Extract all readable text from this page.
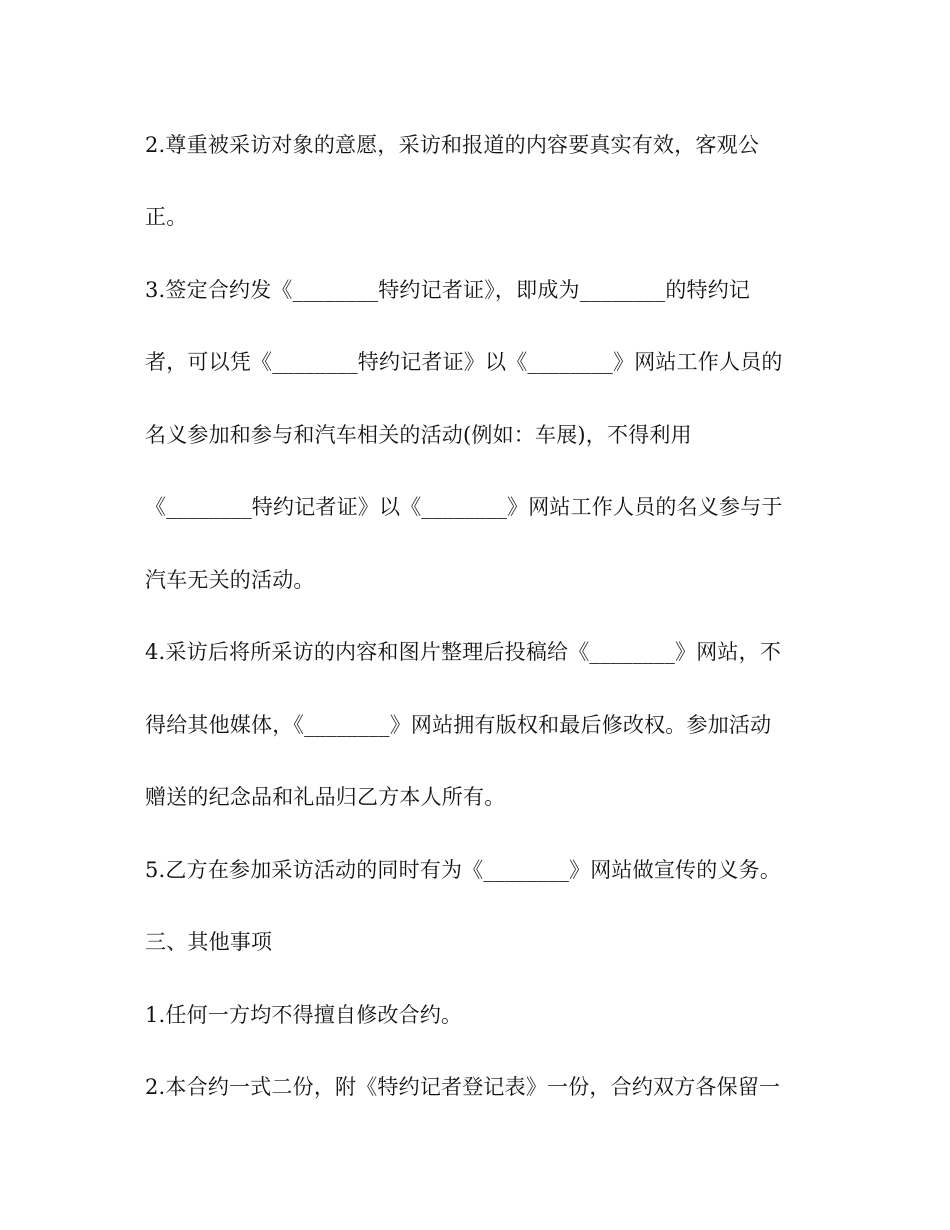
2.尊重被采访对象的意愿，采访和报道的内容要真实有效，客观公
正。
3.签定合约发《________特约记者证》，即成为________的特约记
者，可以凭《________特约记者证》以《________》网站工作人员的
名义参加和参与和汽车相关的活动(例如：车展)，不得利用
《________特约记者证》以《________》网站工作人员的名义参与于
汽车无关的活动。
4.采访后将所采访的内容和图片整理后投稿给《________》网站，不
得给其他媒体，《________》网站拥有版权和最后修改权。参加活动
赠送的纪念品和礼品归乙方本人所有。
5.乙方在参加采访活动的同时有为《________》网站做宣传的义务。
三、其他事项
1.任何一方均不得擅自修改合约。
2.本合约一式二份，附《特约记者登记表》一份，合约双方各保留一
